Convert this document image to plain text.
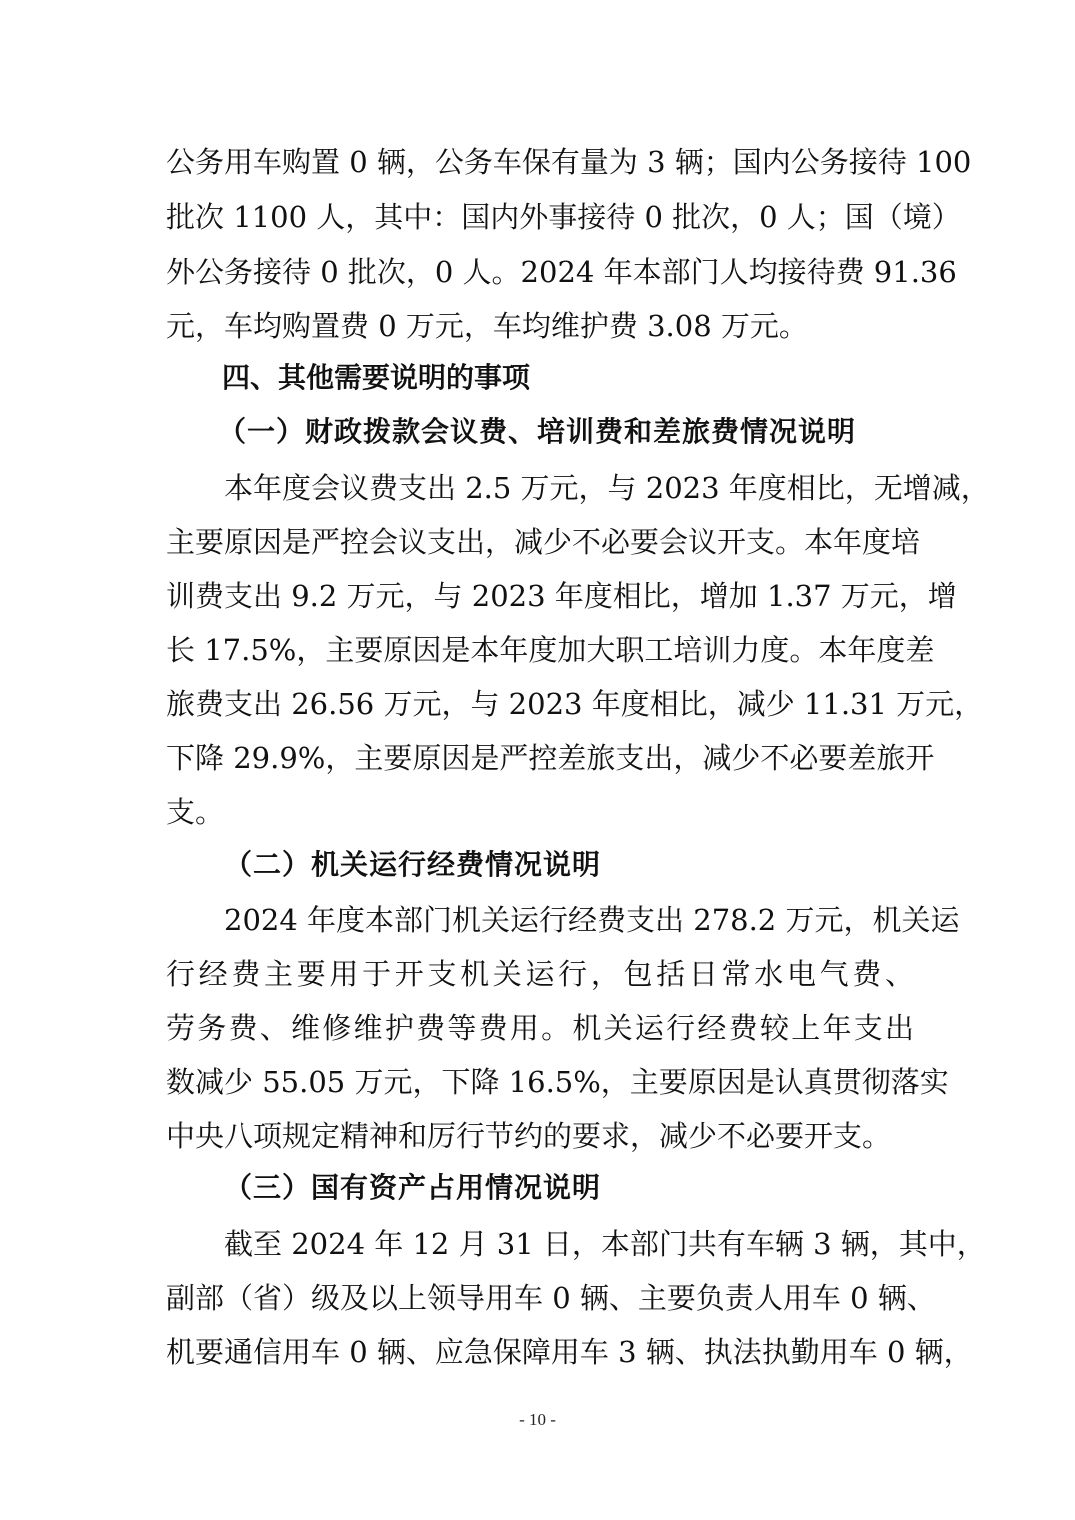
公务用车购置 0 辆，公务车保有量为 3 辆；国内公务接待 100
批次 1100 人，其中：国内外事接待 0 批次，0 人；国（境）
外公务接待 0 批次，0 人。2024 年本部门人均接待费 91.36
元，车均购置费 0 万元，车均维护费 3.08 万元。
四、其他需要说明的事项
（一）财政拨款会议费、培训费和差旅费情况说明
本年度会议费支出 2.5 万元，与 2023 年度相比，无增减，
主要原因是严控会议支出，减少不必要会议开支。本年度培
训费支出 9.2 万元，与 2023 年度相比，增加 1.37 万元，增
长 17.5%，主要原因是本年度加大职工培训力度。本年度差
旅费支出 26.56 万元，与 2023 年度相比，减少 11.31 万元，
下降 29.9%，主要原因是严控差旅支出，减少不必要差旅开
支。
（二）机关运行经费情况说明
2024 年度本部门机关运行经费支出 278.2 万元，机关运
行经费主要用于开支机关运行，包括日常水电气费、
劳务费、维修维护费等费用。机关运行经费较上年支出
数减少 55.05 万元，下降 16.5%，主要原因是认真贯彻落实
中央八项规定精神和厉行节约的要求，减少不必要开支。
（三）国有资产占用情况说明
截至 2024 年 12 月 31 日，本部门共有车辆 3 辆，其中，
副部（省）级及以上领导用车 0 辆、主要负责人用车 0 辆、
机要通信用车 0 辆、应急保障用车 3 辆、执法执勤用车 0 辆，
- 10 -
